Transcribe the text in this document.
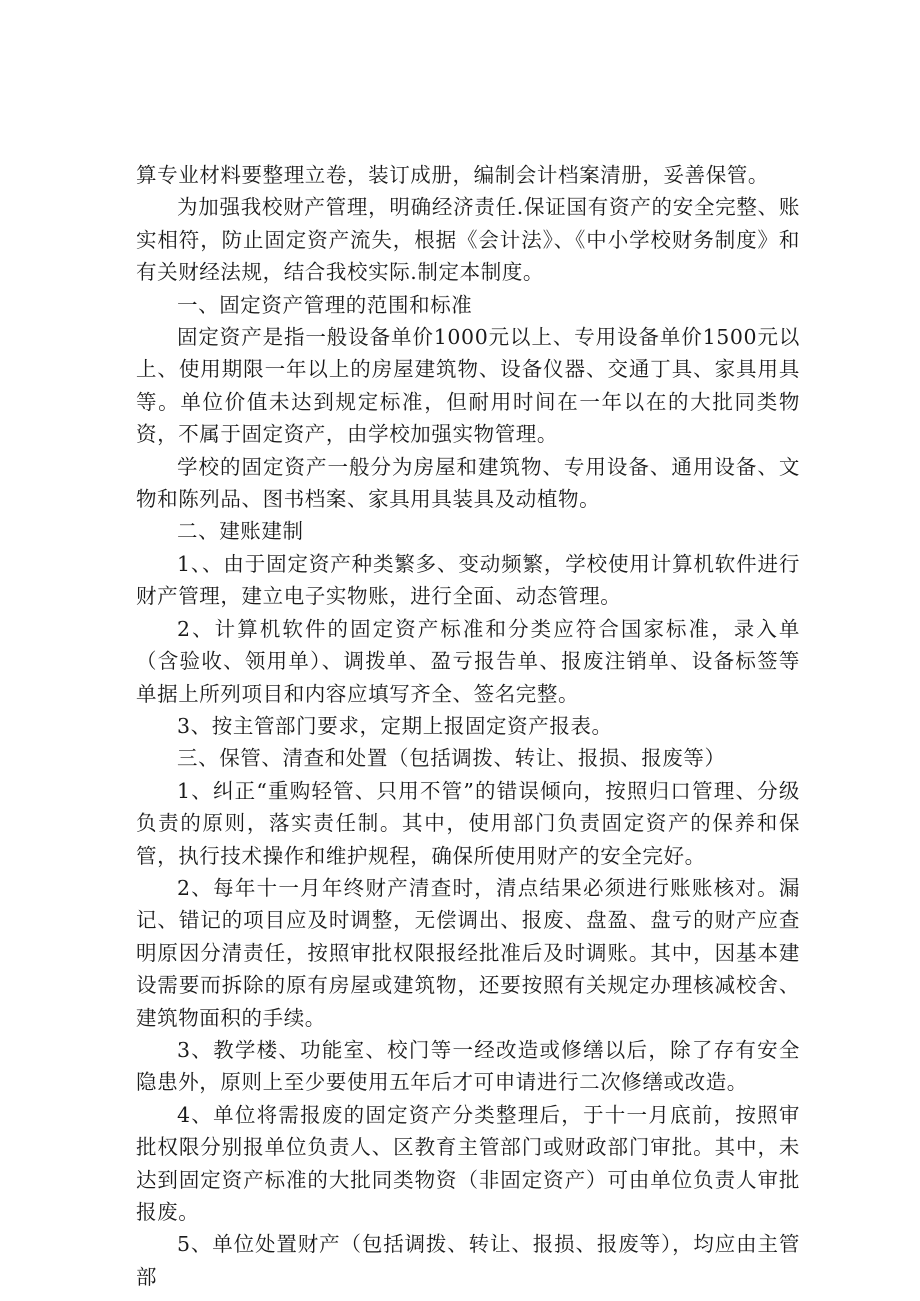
算专业材料要整理立卷，装订成册，编制会计档案清册，妥善保管。

为加强我校财产管理，明确经济责任.保证国有资产的安全完整、账实相符，防止固定资产流失，根据《会计法》、《中小学校财务制度》和有关财经法规，结合我校实际.制定本制度。

一、固定资产管理的范围和标准

固定资产是指一般设备单价1000元以上、专用设备单价1500元以上、使用期限一年以上的房屋建筑物、设备仪器、交通丁具、家具用具等。单位价值未达到规定标准，但耐用时间在一年以在的大批同类物资，不属于固定资产，由学校加强实物管理。

学校的固定资产一般分为房屋和建筑物、专用设备、通用设备、文物和陈列品、图书档案、家具用具装具及动植物。

二、建账建制

1、、由于固定资产种类繁多、变动频繁，学校使用计算机软件进行财产管理，建立电子实物账，进行全面、动态管理。

2、计算机软件的固定资产标准和分类应符合国家标准，录入单（含验收、领用单）、调拨单、盈亏报告单、报废注销单、设备标签等单据上所列项目和内容应填写齐全、签名完整。

3、按主管部门要求，定期上报固定资产报表。

三、保管、清查和处置（包括调拨、转让、报损、报废等）

1、纠正“重购轻管、只用不管”的错误倾向，按照归口管理、分级负责的原则，落实责任制。其中，使用部门负责固定资产的保养和保管，执行技术操作和维护规程，确保所使用财产的安全完好。

2、每年十一月年终财产清查时，清点结果必须进行账账核对。漏记、错记的项目应及时调整，无偿调出、报废、盘盈、盘亏的财产应查明原因分清责任，按照审批权限报经批准后及时调账。其中，因基本建设需要而拆除的原有房屋或建筑物，还要按照有关规定办理核减校舍、建筑物面积的手续。

3、教学楼、功能室、校门等一经改造或修缮以后，除了存有安全隐患外，原则上至少要使用五年后才可申请进行二次修缮或改造。

4、单位将需报废的固定资产分类整理后，于十一月底前，按照审批权限分别报单位负责人、区教育主管部门或财政部门审批。其中，未达到固定资产标准的大批同类物资（非固定资产）可由单位负责人审批报废。

5、单位处置财产（包括调拨、转让、报损、报废等），均应由主管部
